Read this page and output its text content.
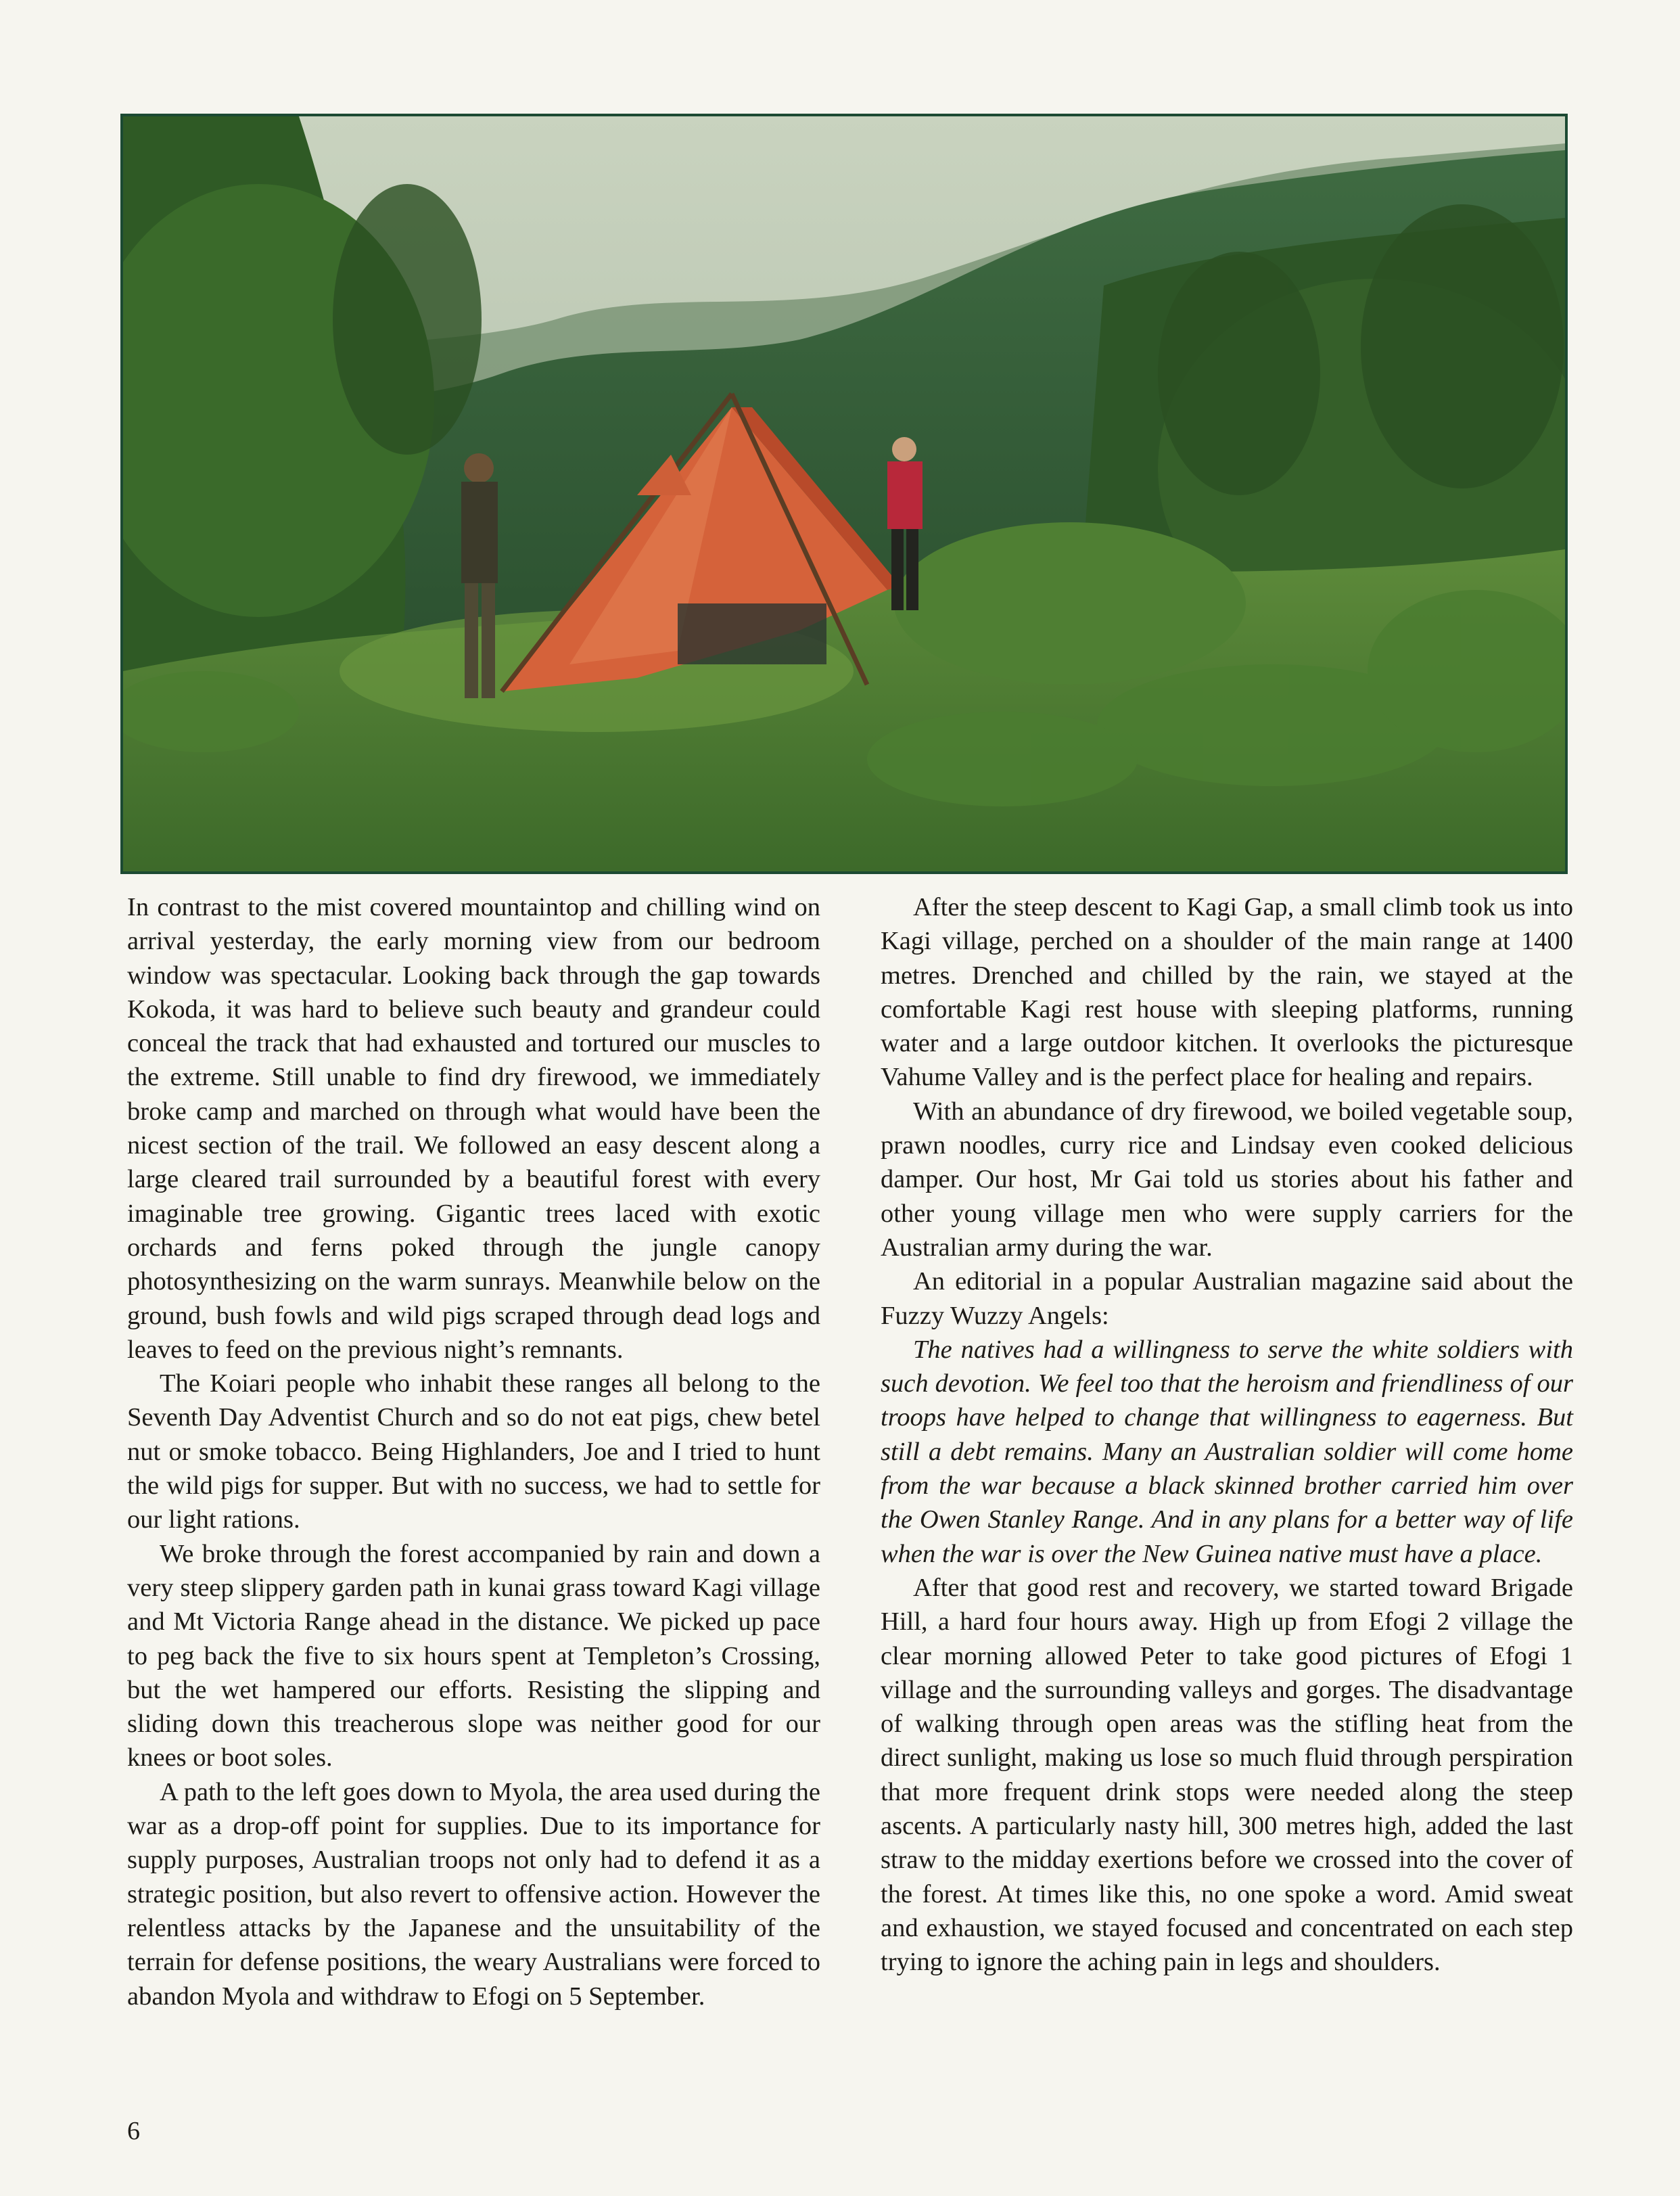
In contrast to the mist covered mountaintop and chilling wind on arrival yesterday, the early morning view from our bedroom window was spectacular. Looking back through the gap towards Kokoda, it was hard to believe such beauty and grandeur could conceal the track that had exhausted and tortured our muscles to the extreme. Still unable to find dry firewood, we immediately broke camp and marched on through what would have been the nicest section of the trail. We followed an easy descent along a large cleared trail surrounded by a beautiful forest with every imaginable tree growing. Gigantic trees laced with exotic orchards and ferns poked through the jungle canopy photosynthesizing on the warm sunrays. Meanwhile below on the ground, bush fowls and wild pigs scraped through dead logs and leaves to feed on the previous night’s remnants.

The Koiari people who inhabit these ranges all belong to the Seventh Day Adventist Church and so do not eat pigs, chew betel nut or smoke tobacco. Being Highlanders, Joe and I tried to hunt the wild pigs for supper. But with no success, we had to settle for our light rations.

We broke through the forest accompanied by rain and down a very steep slippery garden path in kunai grass toward Kagi village and Mt Victoria Range ahead in the distance. We picked up pace to peg back the five to six hours spent at Templeton’s Crossing, but the wet hampered our efforts. Resisting the slipping and sliding down this treacherous slope was neither good for our knees or boot soles.

A path to the left goes down to Myola, the area used during the war as a drop-off point for supplies. Due to its importance for supply purposes, Australian troops not only had to defend it as a strategic position, but also revert to offensive action. However the relentless attacks by the Japanese and the unsuitability of the terrain for defense positions, the weary Australians were forced to abandon Myola and withdraw to Efogi on 5 September.

After the steep descent to Kagi Gap, a small climb took us into Kagi village, perched on a shoulder of the main range at 1400 metres. Drenched and chilled by the rain, we stayed at the comfortable Kagi rest house with sleeping platforms, running water and a large outdoor kitchen. It overlooks the picturesque Vahume Valley and is the perfect place for healing and repairs.

With an abundance of dry firewood, we boiled vegetable soup, prawn noodles, curry rice and Lindsay even cooked delicious damper. Our host, Mr Gai told us stories about his father and other young village men who were supply carriers for the Australian army during the war.

An editorial in a popular Australian magazine said about the Fuzzy Wuzzy Angels:

The natives had a willingness to serve the white soldiers with such devotion. We feel too that the heroism and friendliness of our troops have helped to change that willingness to eagerness. But still a debt remains. Many an Australian soldier will come home from the war because a black skinned brother carried him over the Owen Stanley Range. And in any plans for a better way of life when the war is over the New Guinea native must have a place.

After that good rest and recovery, we started toward Brigade Hill, a hard four hours away. High up from Efogi 2 village the clear morning allowed Peter to take good pictures of Efogi 1 village and the surrounding valleys and gorges. The disadvantage of walking through open areas was the stifling heat from the direct sunlight, making us lose so much fluid through perspiration that more frequent drink stops were needed along the steep ascents. A particularly nasty hill, 300 metres high, added the last straw to the midday exertions before we crossed into the cover of the forest. At times like this, no one spoke a word. Amid sweat and exhaustion, we stayed focused and concentrated on each step trying to ignore the aching pain in legs and shoulders.

6
